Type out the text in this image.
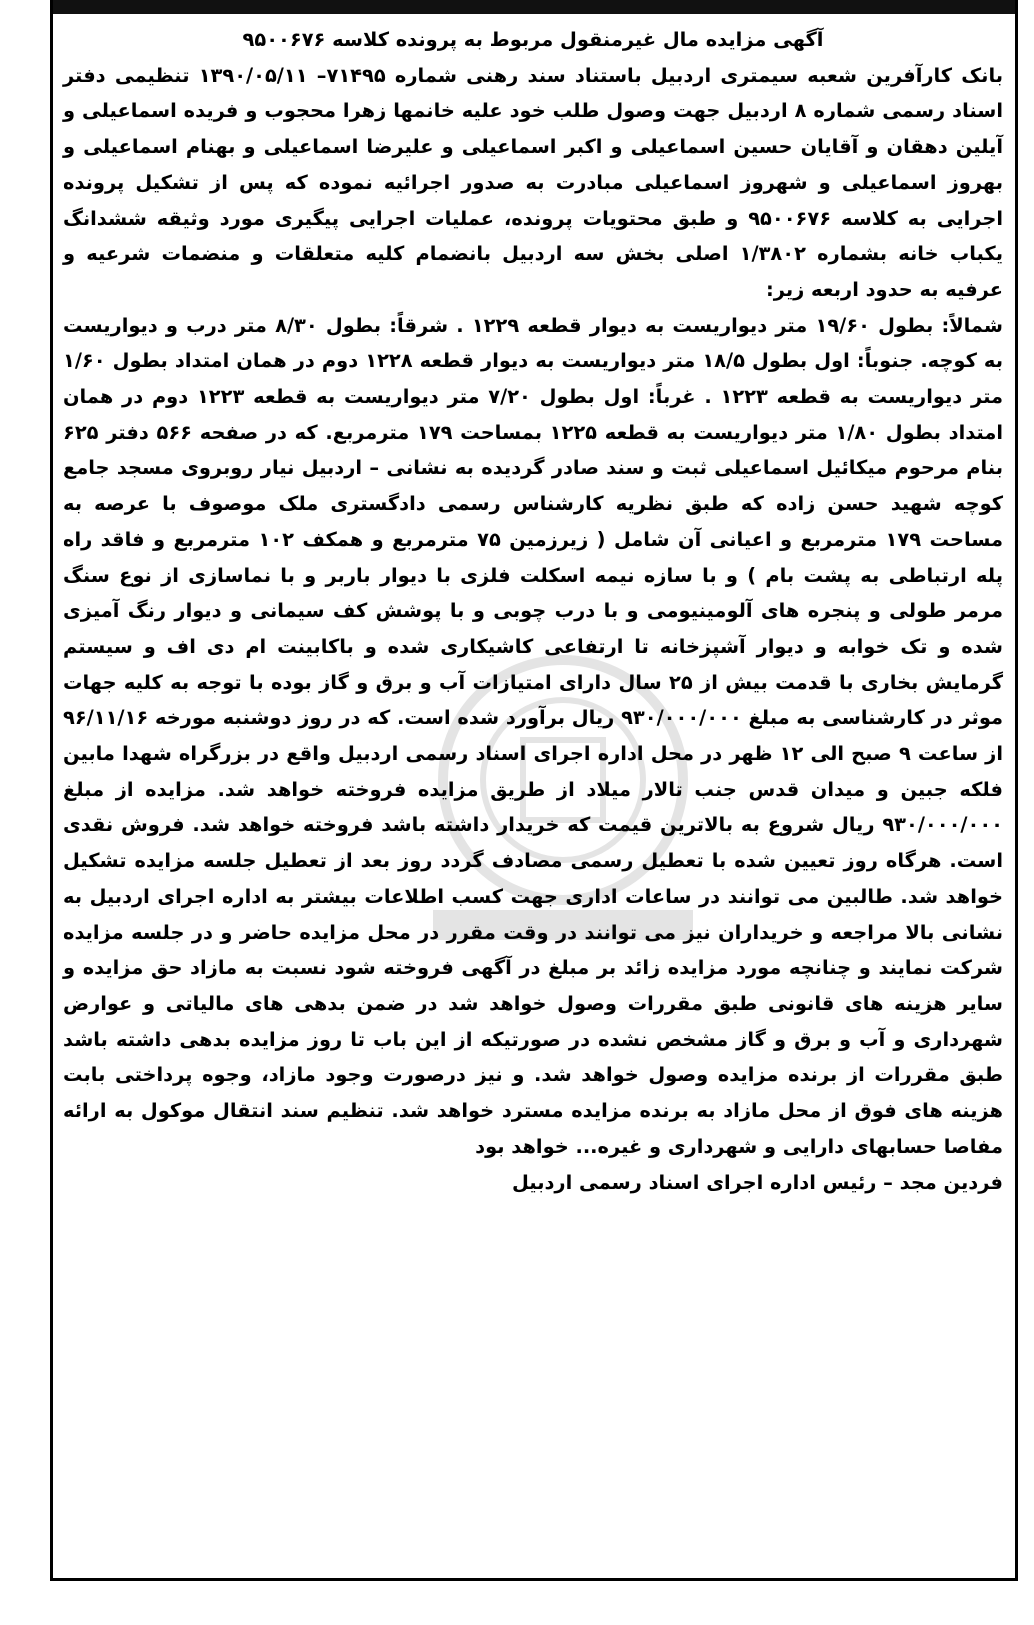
آگهی مزایده مال غیرمنقول مربوط به پرونده کلاسه ۹۵۰۰۶۷۶

بانک کارآفرین شعبه سیمتری اردبیل باستناد سند رهنی شماره ۷۱۴۹۵– ۱۳۹۰/۰۵/۱۱ تنظیمی دفتر اسناد رسمی شماره ۸ اردبیل جهت وصول طلب خود علیه خانمها زهرا محجوب و فریده اسماعیلی و آیلین دهقان و آقایان حسین اسماعیلی و اکبر اسماعیلی و علیرضا اسماعیلی و بهنام اسماعیلی و بهروز اسماعیلی و شهروز اسماعیلی مبادرت به صدور اجرائیه نموده که پس از تشکیل پرونده اجرایی به کلاسه ۹۵۰۰۶۷۶ و طبق محتویات پرونده، عملیات اجرایی پیگیری مورد وثیقه ششدانگ یکباب خانه بشماره ۱/۳۸۰۲ اصلی بخش سه اردبیل بانضمام کلیه متعلقات و منضمات شرعیه و عرفیه به حدود اربعه زیر:

شمالاً: بطول ۱۹/۶۰ متر دیواریست به دیوار قطعه ۱۲۲۹ . شرقاً: بطول ۸/۳۰ متر درب و دیواریست به کوچه. جنوباً: اول بطول ۱۸/۵ متر دیواریست به دیوار قطعه ۱۲۲۸ دوم در همان امتداد بطول ۱/۶۰ متر دیواریست به قطعه ۱۲۲۳ . غرباً: اول بطول ۷/۲۰ متر دیواریست به قطعه ۱۲۲۳ دوم در همان امتداد بطول ۱/۸۰ متر دیواریست به قطعه ۱۲۲۵ بمساحت ۱۷۹ مترمربع. که در صفحه ۵۶۶ دفتر ۶۲۵ بنام مرحوم میکائیل اسماعیلی ثبت و سند صادر گردیده به نشانی – اردبیل نیار روبروی مسجد جامع کوچه شهید حسن زاده که طبق نظریه کارشناس رسمی دادگستری ملک موصوف با عرصه به مساحت ۱۷۹ مترمربع و اعیانی آن شامل ( زیرزمین ۷۵ مترمربع و همکف ۱۰۲ مترمربع و فاقد راه پله ارتباطی به پشت بام ) و با سازه نیمه اسکلت فلزی با دیوار باربر و با نماسازی از نوع سنگ مرمر طولی و پنجره های آلومینیومی و با درب چوبی و با پوشش کف سیمانی و دیوار رنگ آمیزی شده و تک خوابه و دیوار آشپزخانه تا ارتفاعی کاشیکاری شده و باکابینت ام دی اف و سیستم گرمایش بخاری با قدمت بیش از ۲۵ سال دارای امتیازات آب و برق و گاز بوده با توجه به کلیه جهات موثر در کارشناسی به مبلغ ۹۳۰/۰۰۰/۰۰۰ ریال برآورد شده است. که در روز دوشنبه مورخه ۹۶/۱۱/۱۶ از ساعت ۹ صبح الی ۱۲ ظهر در محل اداره اجرای اسناد رسمی اردبیل واقع در بزرگراه شهدا مابین فلکه جبین و میدان قدس جنب تالار میلاد از طریق مزایده فروخته خواهد شد. مزایده از مبلغ ۹۳۰/۰۰۰/۰۰۰ ریال شروع به بالاترین قیمت که خریدار داشته باشد فروخته خواهد شد. فروش نقدی است. هرگاه روز تعیین شده با تعطیل رسمی مصادف گردد روز بعد از تعطیل جلسه مزایده تشکیل خواهد شد. طالبین می توانند در ساعات اداری جهت کسب اطلاعات بیشتر به اداره اجرای اردبیل به نشانی بالا مراجعه و خریداران نیز می توانند در وقت مقرر در محل مزایده حاضر و در جلسه مزایده شرکت نمایند و چنانچه مورد مزایده زائد بر مبلغ در آگهی فروخته شود نسبت به مازاد حق مزایده و سایر هزینه های قانونی طبق مقررات وصول خواهد شد در ضمن بدهی های مالیاتی و عوارض شهرداری و آب و برق و گاز مشخص نشده در صورتیکه از این باب تا روز مزایده بدهی داشته باشد طبق مقررات از برنده مزایده وصول خواهد شد. و نیز درصورت وجود مازاد، وجوه پرداختی بابت هزینه های فوق از محل مازاد به برنده مزایده مسترد خواهد شد. تنظیم سند انتقال موکول به ارائه مفاصا حسابهای دارایی و شهرداری و غیره... خواهد بود

فردین مجد – رئیس اداره اجرای اسناد رسمی اردبیل
